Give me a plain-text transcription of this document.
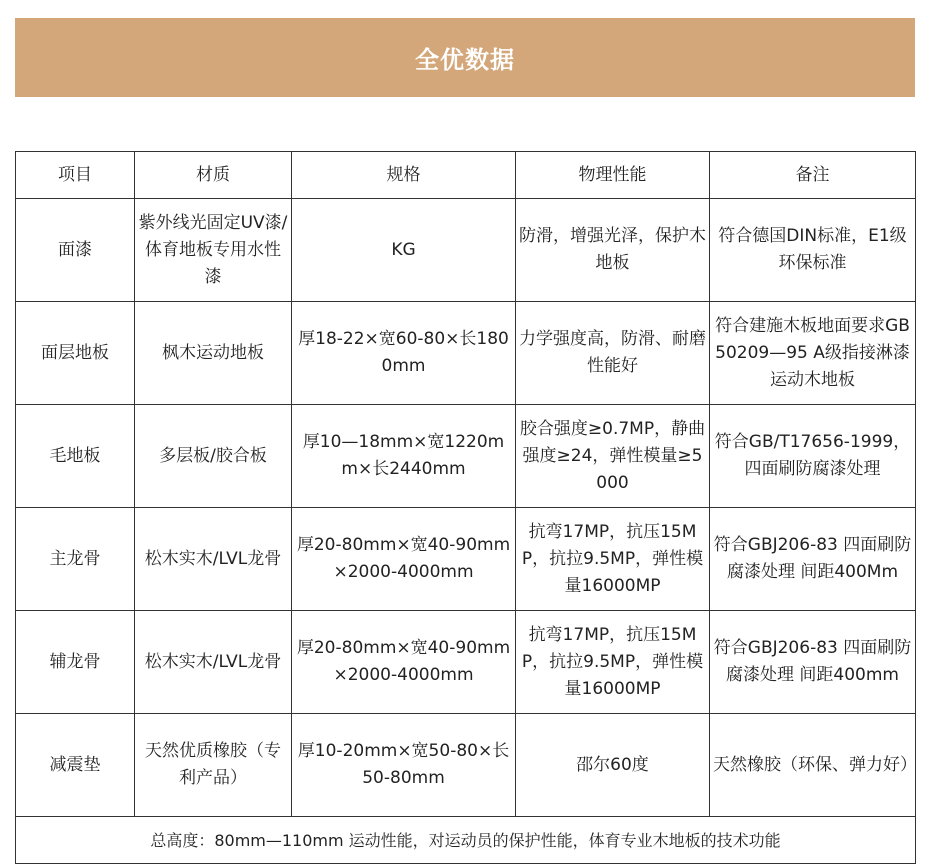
全优数据
项目	材质	规格	物理性能	备注
面漆	紫外线光固定UV漆/体育地板专用水性漆	KG	防滑，增强光泽，保护木地板	符合德国DIN标准，E1级环保标准
面层地板	枫木运动地板	厚18-22×宽60-80×长1800mm	力学强度高，防滑、耐磨性能好	符合建施木板地面要求GB50209—95 A级指接淋漆运动木地板
毛地板	多层板/胶合板	厚10—18mm×宽1220mm×长2440mm	胶合强度≥0.7MP，静曲强度≥24，弹性模量≥5000	符合GB/T17656-1999， 四面刷防腐漆处理
主龙骨	松木实木/LVL龙骨	厚20-80mm×宽40-90mm×2000-4000mm	抗弯17MP，抗压15MP，抗拉9.5MP，弹性模量16000MP	符合GBJ206-83 四面刷防腐漆处理 间距400Mm
辅龙骨	松木实木/LVL龙骨	厚20-80mm×宽40-90mm×2000-4000mm	抗弯17MP，抗压15MP，抗拉9.5MP，弹性模量16000MP	符合GBJ206-83 四面刷防腐漆处理 间距400mm
减震垫	天然优质橡胶（专利产品）	厚10-20mm×宽50-80×长50-80mm	邵尔60度	天然橡胶（环保、弹力好）
总高度：80mm—110mm 运动性能，对运动员的保护性能，体育专业木地板的技术功能				
